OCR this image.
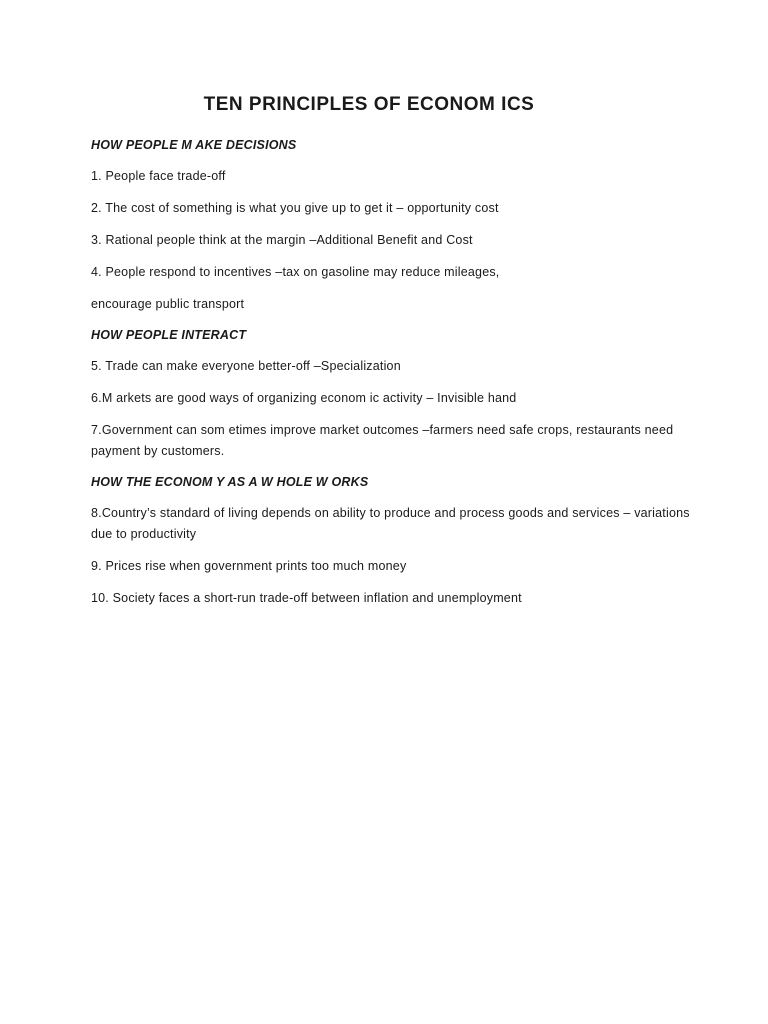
TEN PRINCIPLES OF ECONOM ICS

HOW PEOPLE M AKE DECISIONS

1. People face trade-off

2. The cost of something is what you give up to get it – opportunity cost

3. Rational people think at the margin –Additional Benefit and Cost

4. People respond to incentives –tax on gasoline may reduce mileages,

encourage public transport

HOW PEOPLE INTERACT

5. Trade can make everyone better-off –Specialization

6.M arkets are good ways of organizing econom ic activity – Invisible hand

7.Government can som etimes improve market outcomes –farmers need safe crops, restaurants need payment by customers.

HOW THE ECONOM Y AS A W HOLE W ORKS

8.Country’s standard of living depends on ability to produce and process goods and services – variations due to productivity

9. Prices rise when government prints too much money

10. Society faces a short-run trade-off between inflation and unemployment
